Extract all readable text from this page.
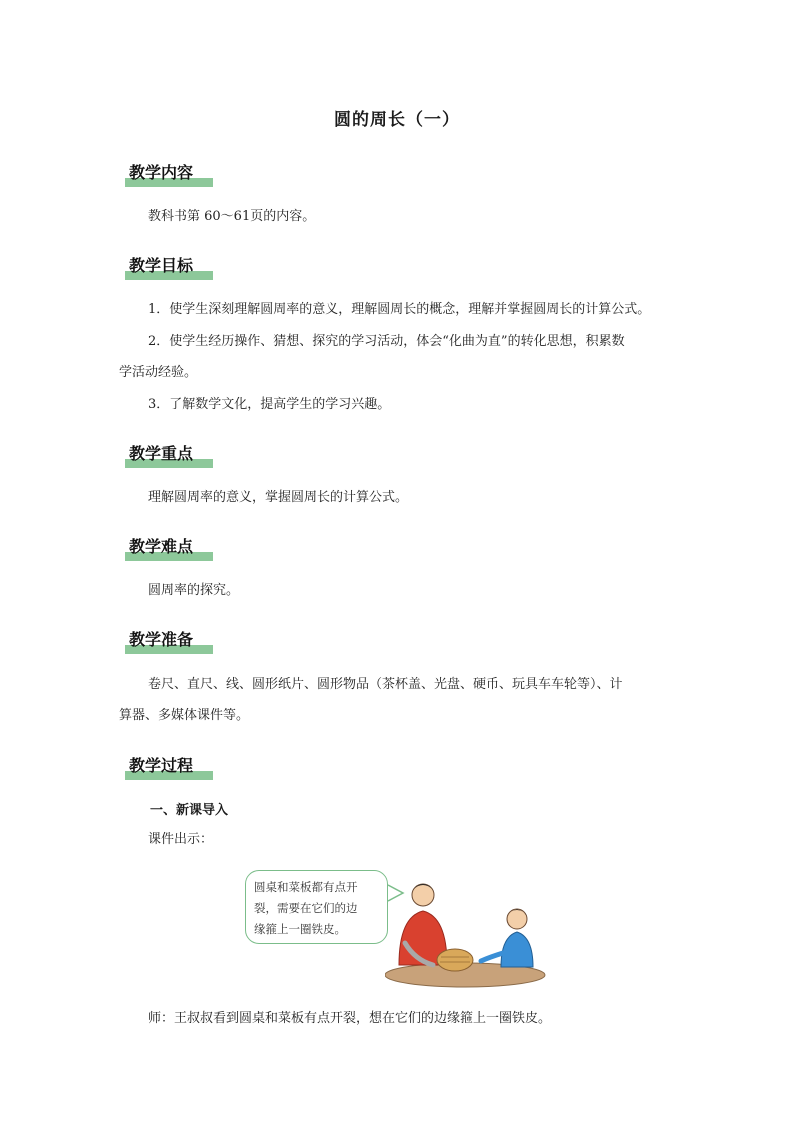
圆的周长（一）
教学内容
教科书第 60～61页的内容。
教学目标
1．使学生深刻理解圆周率的意义，理解圆周长的概念，理解并掌握圆周长的计算公式。
2．使学生经历操作、猜想、探究的学习活动，体会“化曲为直”的转化思想，积累数
学活动经验。
3．了解数学文化，提高学生的学习兴趣。
教学重点
理解圆周率的意义，掌握圆周长的计算公式。
教学难点
圆周率的探究。
教学准备
卷尺、直尺、线、圆形纸片、圆形物品（茶杯盖、光盘、硬币、玩具车车轮等）、计
算器、多媒体课件等。
教学过程
一、新课导入
课件出示：
圆桌和菜板都有点开
裂，需要在它们的边
缘箍上一圈铁皮。
师：王叔叔看到圆桌和菜板有点开裂，想在它们的边缘箍上一圈铁皮。
